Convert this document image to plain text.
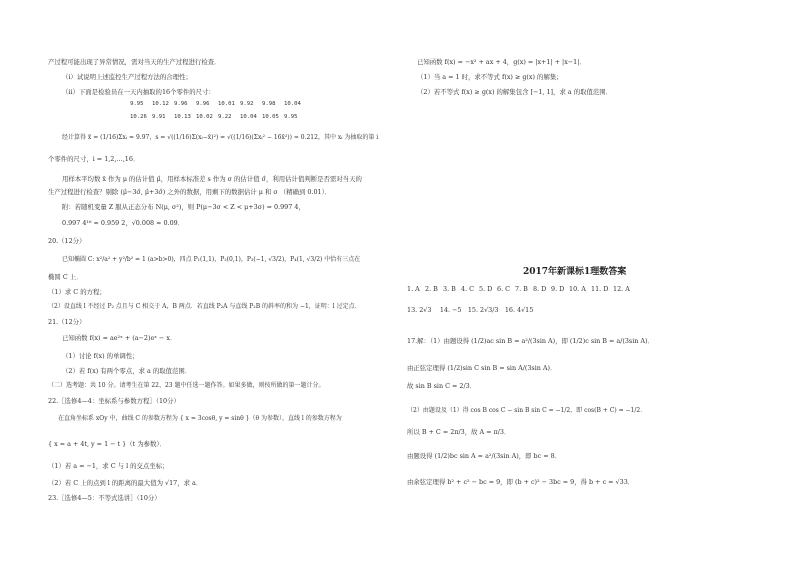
产过程可能出现了异常情况，需对当天的生产过程进行检查．
（ⅰ）试说明上述监控生产过程方法的合理性；
（ⅱ）下面是检验员在一天内抽取的16个零件的尺寸：
9.95 10.12 9.96 9.96 10.01 9.92 9.98 10.04
10.26 9.91 10.13 10.02 9.22 10.04 10.05 9.95
经计算得 x̄ = (1/16)Σxᵢ = 9.97，s = √((1/16)Σ(xᵢ−x̄)²) = √((1/16)(Σxᵢ² − 16x̄²)) ≈ 0.212，其中 xᵢ 为抽取的第 i
个零件的尺寸，i = 1,2,…,16．
用样本平均数 x̄ 作为 μ 的估计值 μ̂，用样本标准差 s 作为 σ 的估计值 σ̂，利用估计值判断是否需对当天的
生产过程进行检查？剔除 (μ̂−3σ̂, μ̂+3σ̂) 之外的数据，用剩下的数据估计 μ 和 σ （精确到 0.01）．
附：若随机变量 Z 服从正态分布 N(μ, σ²)，则 P(μ−3σ < Z < μ+3σ) = 0.997 4，
0.997 4¹⁶ ≈ 0.959 2，√0.008 ≈ 0.09．
20.（12分）
已知椭圆 C: x²/a² + y²/b² = 1 (a>b>0)，四点 P₁(1,1)，P₂(0,1)，P₃(−1, √3/2)，P₄(1, √3/2) 中恰有三点在
椭圆 C 上．
（1）求 C 的方程；
（2）设直线 l 不经过 P₂ 点且与 C 相交于 A，B 两点．若直线 P₂A 与直线 P₂B 的斜率的和为 −1，证明：l 过定点．
21.（12分）
已知函数 f(x) = ae²ˣ + (a−2)eˣ − x．
（1）讨论 f(x) 的单调性；
（2）若 f(x) 有两个零点，求 a 的取值范围．
（二）选考题：共 10 分。请考生在第 22、23 题中任选一题作答。如果多做，则按所做的第一题计分。
22.［选修4—4：坐标系与参数方程］（10分）
在直角坐标系 xOy 中，曲线 C 的参数方程为 { x = 3cosθ, y = sinθ }（θ 为参数），直线 l 的参数方程为
{ x = a + 4t, y = 1 − t }（t 为参数）．
（1）若 a = −1，求 C 与 l 的交点坐标；
（2）若 C 上的点到 l 的距离的最大值为 √17，求 a．
23.［选修4—5：不等式选讲］（10分）
已知函数 f(x) = −x² + ax + 4，g(x) = |x+1| + |x−1|．
（1）当 a = 1 时，求不等式 f(x) ≥ g(x) 的解集；
（2）若不等式 f(x) ≥ g(x) 的解集包含 [−1, 1]，求 a 的取值范围．
2017年新课标1理数答案
1. A 2. B 3. B 4. C 5. D 6. C 7. B 8. D 9. D 10. A 11. D 12. A
13. 2√3　 14. −5　15. 2√3/3　16. 4√15
17.解：（1）由题设得 (1/2)ac sin B = a²/(3sin A)，即 (1/2)c sin B = a/(3sin A)．
由正弦定理得 (1/2)sin C sin B = sin A/(3sin A)．
故 sin B sin C = 2/3．
（2）由题设及（1）得 cos B cos C − sin B sin C = −1/2，即 cos(B + C) = −1/2．
所以 B + C = 2π/3，故 A = π/3．
由题设得 (1/2)bc sin A = a²/(3sin A)，即 bc = 8．
由余弦定理得 b² + c² − bc = 9，即 (b + c)² − 3bc = 9，得 b + c = √33．
